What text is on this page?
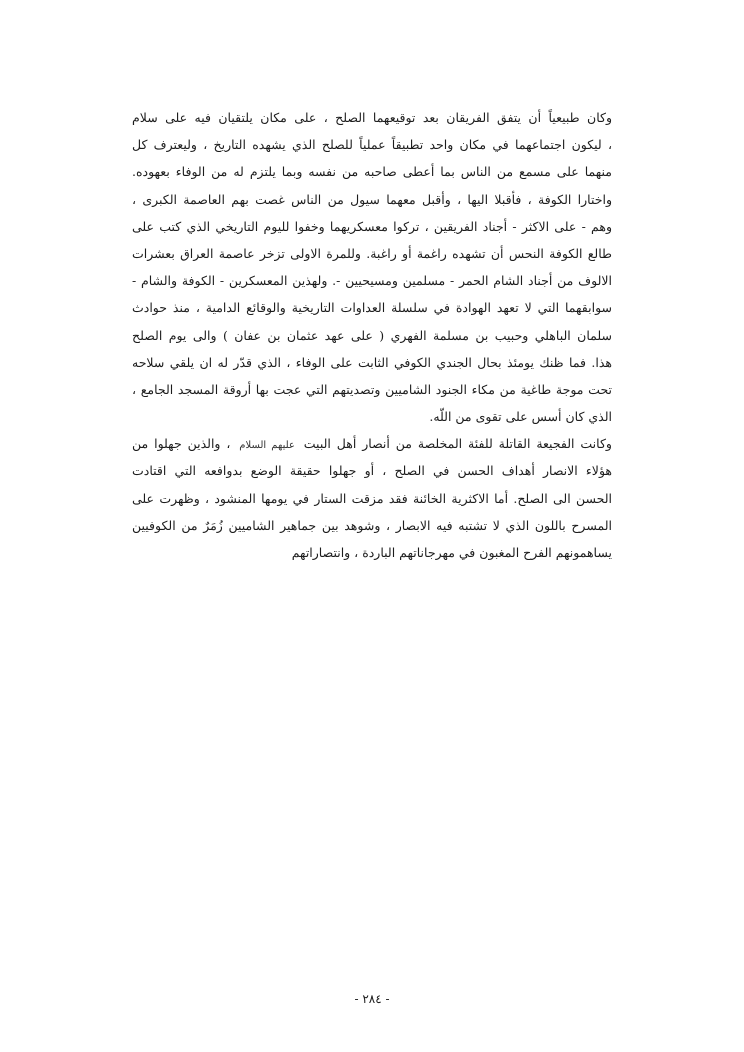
وكان طبيعياً أن يتفق الفريقان بعد توقيعهما الصلح ، على مكان يلتقيان فيه على سلام
، ليكون اجتماعهما في مكان واحد تطبيقاً عملياً للصلح الذي يشهده التاريخ ، وليعترف كل
منهما على مسمع من الناس بما أعطى صاحبه من نفسه وبما يلتزم له من الوفاء بعهوده.
واختارا الكوفة ، فأقبلا اليها ، وأقبل معهما سيول من الناس غصت بهم العاصمة الكبرى ،
وهم - على الاكثر - أجناد الفريقين ، تركوا معسكريهما وخفوا لليوم التاريخي الذي كتب على
طالع الكوفة النحس أن تشهده راغمة أو راغبة. وللمرة الاولى تزخر عاصمة العراق بعشرات
الالوف من أجناد الشام الحمر - مسلمين ومسيحيين -. ولهذين المعسكرين - الكوفة والشام -
سوابقهما التي لا تعهد الهوادة في سلسلة العداوات التاريخية والوقائع الدامية ، منذ حوادث
سلمان الباهلي وحبيب بن مسلمة الفهري ( على عهد عثمان بن عفان ) والى يوم الصلح
هذا. فما ظنك يومئذ بحال الجندي الكوفي الثابت على الوفاء ، الذي قدّر له ان يلقي سلاحه
تحت موجة طاغية من مكاء الجنود الشاميين وتصديتهم التي عجت بها أروقة المسجد الجامع ،
الذي كان أسس على تقوى من اللّه.
وكانت الفجيعة القاتلة للفئة المخلصة من أنصار أهل البيت عليهم السلام ، والذين جهلوا من
هؤلاء الانصار أهداف الحسن في الصلح ، أو جهلوا حقيقة الوضع بدوافعه التي اقتادت
الحسن الى الصلح. أما الاكثرية الخائنة فقد مزقت الستار في يومها المنشود ، وظهرت على
المسرح باللون الذي لا تشتبه فيه الابصار ، وشوهد بين جماهير الشاميين زُمَرٌ من الكوفيين
يساهمونهم الفرح المغبون في مهرجاناتهم الباردة ، وانتصاراتهم
- ٢٨٤ -
